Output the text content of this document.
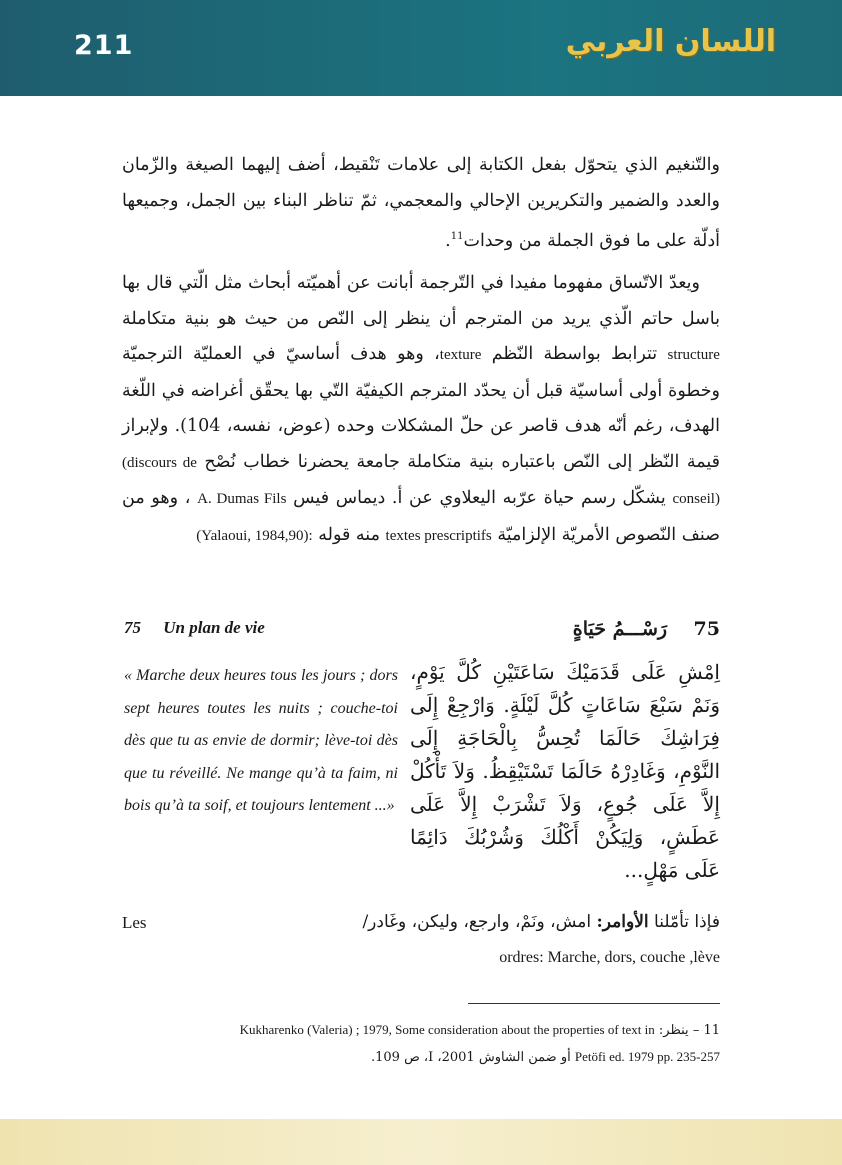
211	اللسان العربي

والتّنغيم الذي يتحوّل بفعل الكتابة إلى علامات تَنْقيط، أضف إليهما الصيغة والزّمان والعدد والضمير والتكريرين الإحالي والمعجمي، ثمّ تناظر البناء بين الجمل، وجميعها أدلّة على ما فوق الجملة من وحدات$^{11}$.

ويعدّ الاتّساق مفهوما مفيدا في التّرجمة أبانت عن أهميّته أبحاث مثل الّتي قال بها باسل حاتم الّذي يريد من المترجم أن ينظر إلى النّص من حيث هو بنية متكاملة structure تترابط بواسطة النّظم texture، وهو هدف أساسيّ في العمليّة الترجميّة وخطوة أولى أساسيّة قبل أن يحدّد المترجم الكيفيّة التّي بها يحقّق أغراضه في اللّغة الهدف، رغم أنّه هدف قاصر عن حلّ المشكلات وحده (عوض، نفسه، 104). ولإبراز قيمة النّظر إلى النّص باعتباره بنية متكاملة جامعة يحضرنا خطاب نُصْح (discours de conseil) يشكّل رسم حياة عرّبه اليعلاوي عن أ. ديماس فيس A. Dumas Fils ، وهو من صنف النّصوص الأمريّة الإلزاميّة textes prescriptifs منه قوله (Yalaoui, 1984,90):

75 Un plan de vie	75    رَسْـــمُ حَيَاةٍ
« Marche deux heures tous les jours ; dors sept heures toutes les nuits ; couche-toi dès que tu as envie de dormir; lève-toi dès que tu réveillé. Ne mange qu’à ta faim, ni bois qu’à ta soif, et toujours lentement ...»
اِمْشِ عَلَى قَدَمَيْكَ سَاعَتَيْنِ كُلَّ يَوْمٍ، وَنَمْ سَبْعَ سَاعَاتٍ كُلَّ لَيْلَةٍ. وَارْجِعْ إِلَى فِرَاشِكَ حَالَمَا تُحِسُّ بِالْحَاجَةِ إِلَى النَّوْمِ، وَغَادِرْهُ حَالَمَا تَسْتَيْقِظُ. وَلاَ تَأْكُلْ إِلاَّ عَلَى جُوعٍ، وَلاَ تَشْرَبْ إِلاَّ عَلَى عَطَشٍ، وَلِيَكُنْ أَكْلُكَ وَشُرْبُكَ دَائِمًا عَلَى مَهْلٍ...
Les	فإذا تأمّلنا الأوامر: امش، ونَمْ، وارجع، وليكن، وغَادر/
ordres: Marche, dors, couche ,lève
11 – ينظر: Kukharenko (Valeria) ; 1979, Some consideration about the properties of text in
Petöfi ed. 1979 pp. 235-257 أو ضمن الشاوش 2001، I، ص 109.
